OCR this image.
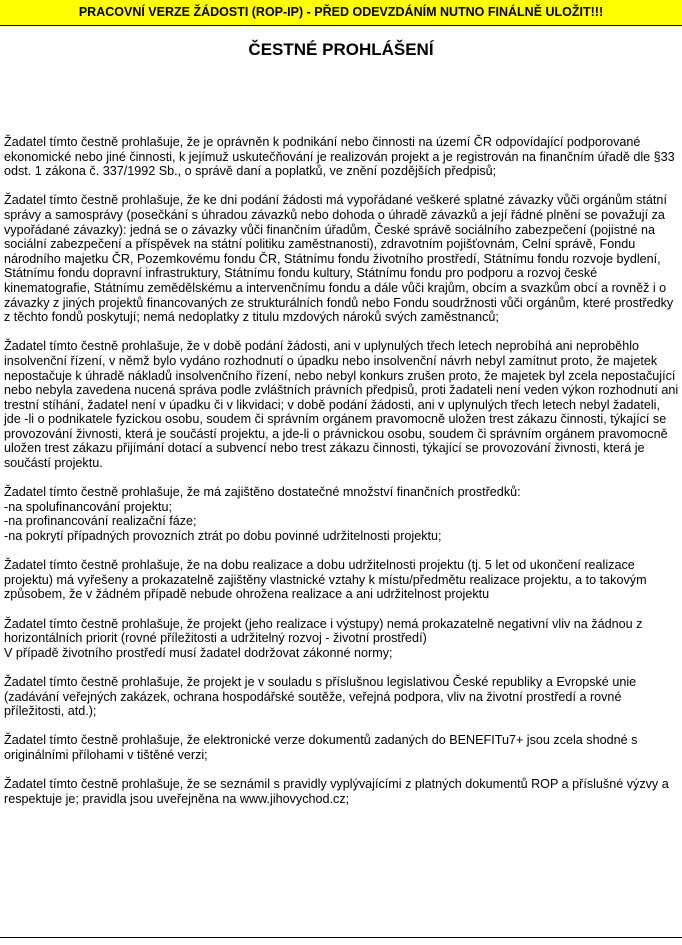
PRACOVNÍ VERZE ŽÁDOSTI (ROP-IP) - PŘED ODEVZDÁNÍM NUTNO FINÁLNĚ ULOŽIT!!!
ČESTNÉ PROHLÁŠENÍ

Žadatel tímto čestně prohlašuje, že je oprávněn k podnikání nebo činnosti na území ČR odpovídající podporované ekonomické nebo jiné činnosti, k jejímuž uskutečňování je realizován projekt a je registrován na finančním úřadě dle §33 odst. 1 zákona č. 337/1992 Sb., o správě daní a poplatků, ve znění pozdějších předpisů;

Žadatel tímto čestně prohlašuje, že ke dni podání žádosti má vypořádané veškeré splatné závazky vůči orgánům státní správy a samosprávy (posečkání s úhradou závazků nebo dohoda o úhradě závazků a její řádné plnění se považují za vypořádané závazky): jedná se o závazky vůči finančním úřadům, České správě sociálního zabezpečení (pojistné na sociální zabezpečení a příspěvek na státní politiku zaměstnanosti), zdravotním pojišťovnám, Celní správě, Fondu národního majetku ČR, Pozemkovému fondu ČR, Státnímu fondu životního prostředí, Státnímu fondu rozvoje bydlení, Státnímu fondu dopravní infrastruktury, Státnímu fondu kultury, Státnímu fondu pro podporu a rozvoj české kinematografie, Státnímu zemědělskému a intervenčnímu fondu a dále vůči krajům, obcím a svazkům obcí a rovněž i o závazky z jiných projektů financovaných ze strukturálních fondů nebo Fondu soudržnosti vůči orgánům, které prostředky z těchto fondů poskytují; nemá nedoplatky z titulu mzdových nároků svých zaměstnanců;

Žadatel tímto čestně prohlašuje, že v době podání žádosti, ani v uplynulých třech letech neprobíhá ani neproběhlo insolvenční řízení, v němž bylo vydáno rozhodnutí o úpadku nebo insolvenční návrh nebyl zamítnut proto, že majetek nepostačuje k úhradě nákladů insolvenčního řízení, nebo nebyl konkurs zrušen proto, že majetek byl zcela nepostačující nebo nebyla zavedena nucená správa podle zvláštních právních předpisů, proti žadateli není veden výkon rozhodnutí ani trestní stíhání, žadatel není v úpadku či v likvidaci; v době podání žádosti, ani v uplynulých třech letech nebyl žadateli, jde -li o podnikatele fyzickou osobu, soudem či správním orgánem pravomocně uložen trest zákazu činnosti, týkající se provozování živnosti, která je součástí projektu, a jde-li o právnickou osobu, soudem či správním orgánem pravomocně uložen trest zákazu přijímání dotací a subvencí nebo trest zákazu činnosti, týkající se provozování živnosti, která je součástí projektu.

Žadatel tímto čestně prohlašuje, že má zajištěno dostatečné množství finančních prostředků:
-na spolufinancování projektu;
-na profinancování realizační fáze;
-na pokrytí případných provozních ztrát po dobu povinné udržitelnosti projektu;

Žadatel tímto čestně prohlašuje, že na dobu realizace a dobu udržitelnosti projektu (tj. 5 let od ukončení realizace projektu) má vyřešeny a prokazatelně zajištěny vlastnické vztahy k místu/předmětu realizace projektu, a to takovým způsobem, že v žádném případě nebude ohrožena realizace a ani udržitelnost projektu

Žadatel tímto čestně prohlašuje, že projekt (jeho realizace i výstupy) nemá prokazatelně negativní vliv na žádnou z horizontálních priorit (rovné příležitosti a udržitelný rozvoj - životní prostředí)
V případě životního prostředí musí žadatel dodržovat zákonné normy;

Žadatel tímto čestně prohlašuje, že projekt je v souladu s příslušnou legislativou České republiky a Evropské unie (zadávání veřejných zakázek, ochrana hospodářské soutěže, veřejná podpora, vliv na životní prostředí a rovné příležitosti, atd.);

Žadatel tímto čestně prohlašuje, že elektronické verze dokumentů zadaných do BENEFITu7+ jsou zcela shodné s originálními přílohami v tištěné verzi;

Žadatel tímto čestně prohlašuje, že se seznámil s pravidly vyplývajícími z platných dokumentů ROP a příslušné výzvy a respektuje je; pravidla jsou uveřejněna na www.jihovychod.cz;
